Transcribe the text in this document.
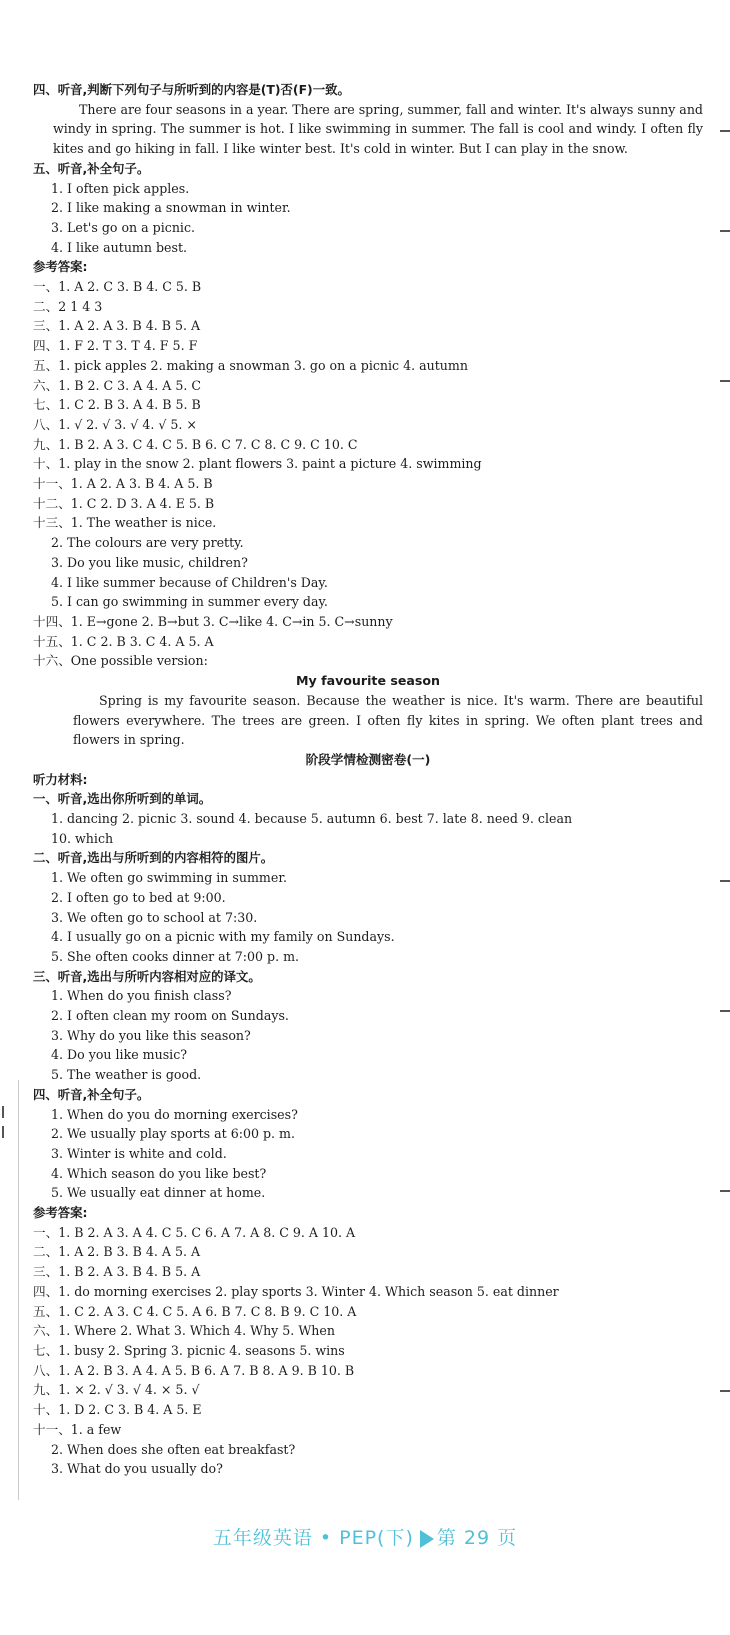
四、听音,判断下列句子与所听到的内容是(T)否(F)一致。
There are four seasons in a year. There are spring, summer, fall and winter. It's always sunny and windy in spring. The summer is hot. I like swimming in summer. The fall is cool and windy. I often fly kites and go hiking in fall. I like winter best. It's cold in winter. But I can play in the snow.
五、听音,补全句子。
1. I often pick apples.
2. I like making a snowman in winter.
3. Let's go on a picnic.
4. I like autumn best.
参考答案:
一、1. A 2. C 3. B 4. C 5. B
二、2 1 4 3
三、1. A 2. A 3. B 4. B 5. A
四、1. F 2. T 3. T 4. F 5. F
五、1. pick apples 2. making a snowman 3. go on a picnic 4. autumn
六、1. B 2. C 3. A 4. A 5. C
七、1. C 2. B 3. A 4. B 5. B
八、1. √ 2. √ 3. √ 4. √ 5. ×
九、1. B 2. A 3. C 4. C 5. B 6. C 7. C 8. C 9. C 10. C
十、1. play in the snow 2. plant flowers 3. paint a picture 4. swimming
十一、1. A 2. A 3. B 4. A 5. B
十二、1. C 2. D 3. A 4. E 5. B
十三、1. The weather is nice.
2. The colours are very pretty.
3. Do you like music, children?
4. I like summer because of Children's Day.
5. I can go swimming in summer every day.
十四、1. E→gone 2. B→but 3. C→like 4. C→in 5. C→sunny
十五、1. C 2. B 3. C 4. A 5. A
十六、One possible version:
My favourite season
Spring is my favourite season. Because the weather is nice. It's warm. There are beautiful flowers everywhere. The trees are green. I often fly kites in spring. We often plant trees and flowers in spring.
阶段学情检测密卷(一)
听力材料:
一、听音,选出你所听到的单词。
1. dancing 2. picnic 3. sound 4. because 5. autumn 6. best 7. late 8. need 9. clean
10. which
二、听音,选出与所听到的内容相符的图片。
1. We often go swimming in summer.
2. I often go to bed at 9:00.
3. We often go to school at 7:30.
4. I usually go on a picnic with my family on Sundays.
5. She often cooks dinner at 7:00 p. m.
三、听音,选出与所听内容相对应的译文。
1. When do you finish class?
2. I often clean my room on Sundays.
3. Why do you like this season?
4. Do you like music?
5. The weather is good.
四、听音,补全句子。
1. When do you do morning exercises?
2. We usually play sports at 6:00 p. m.
3. Winter is white and cold.
4. Which season do you like best?
5. We usually eat dinner at home.
参考答案:
一、1. B 2. A 3. A 4. C 5. C 6. A 7. A 8. C 9. A 10. A
二、1. A 2. B 3. B 4. A 5. A
三、1. B 2. A 3. B 4. B 5. A
四、1. do morning exercises 2. play sports 3. Winter 4. Which season 5. eat dinner
五、1. C 2. A 3. C 4. C 5. A 6. B 7. C 8. B 9. C 10. A
六、1. Where 2. What 3. Which 4. Why 5. When
七、1. busy 2. Spring 3. picnic 4. seasons 5. wins
八、1. A 2. B 3. A 4. A 5. B 6. A 7. B 8. A 9. B 10. B
九、1. × 2. √ 3. √ 4. × 5. √
十、1. D 2. C 3. B 4. A 5. E
十一、1. a few
2. When does she often eat breakfast?
3. What do you usually do?
五年级英语 • PEP(下) 第 29 页
